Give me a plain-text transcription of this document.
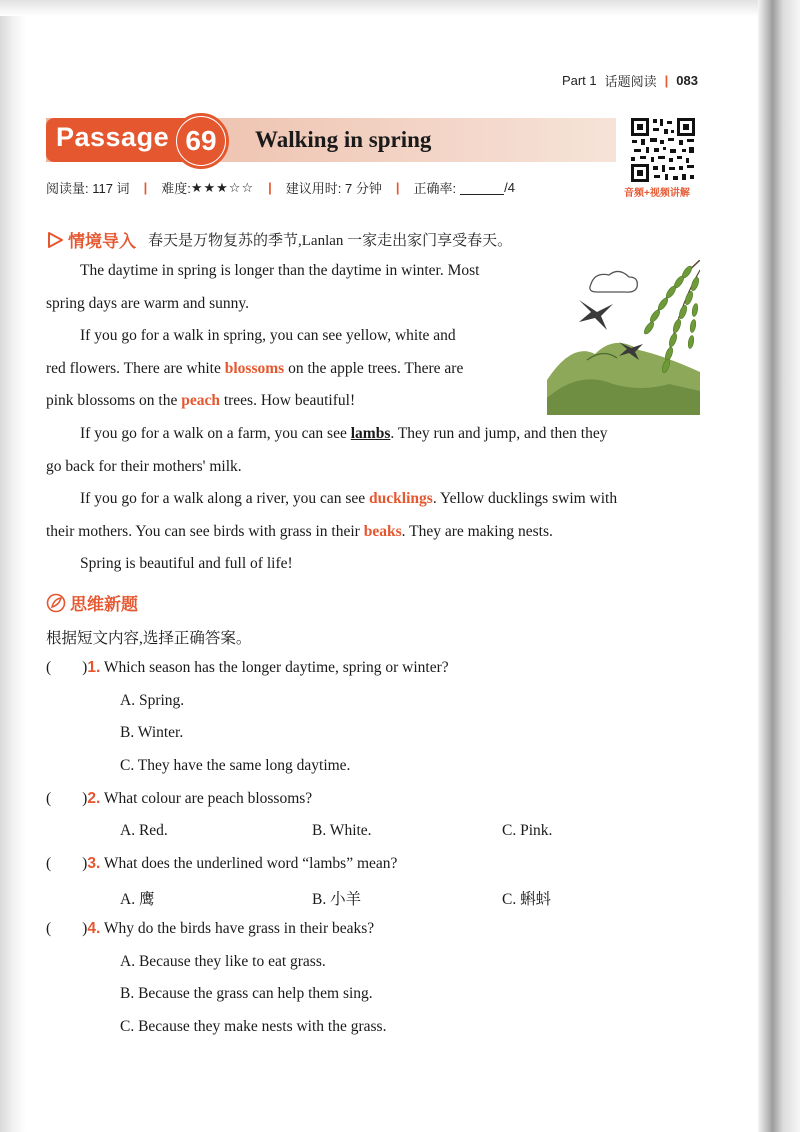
Part 1 话题阅读 | 083
Passage 69	Walking in spring
音频+视频讲解
阅读量: 117 词 | 难度: ★★★☆☆ | 建议用时: 7 分钟 | 正确率:	/4
情境导入 春天是万物复苏的季节,Lanlan 一家走出家门享受春天。
The daytime in spring is longer than the daytime in winter. Most
spring days are warm and sunny.
If you go for a walk in spring, you can see yellow, white and
red flowers. There are white blossoms on the apple trees. There are
pink blossoms on the peach trees. How beautiful!
If you go for a walk on a farm, you can see lambs. They run and jump, and then they
go back for their mothers' milk.
If you go for a walk along a river, you can see ducklings. Yellow ducklings swim with
their mothers. You can see birds with grass in their beaks. They are making nests.
Spring is beautiful and full of life!
思维新题
根据短文内容,选择正确答案。
(        )1. Which season has the longer daytime, spring or winter?
A. Spring.
B. Winter.
C. They have the same long daytime.
(        )2. What colour are peach blossoms?
A. Red.	B. White.	C. Pink.
(        )3. What does the underlined word “lambs” mean?
A. 鹰	B. 小羊	C. 蝌蚪
(        )4. Why do the birds have grass in their beaks?
A. Because they like to eat grass.
B. Because the grass can help them sing.
C. Because they make nests with the grass.
